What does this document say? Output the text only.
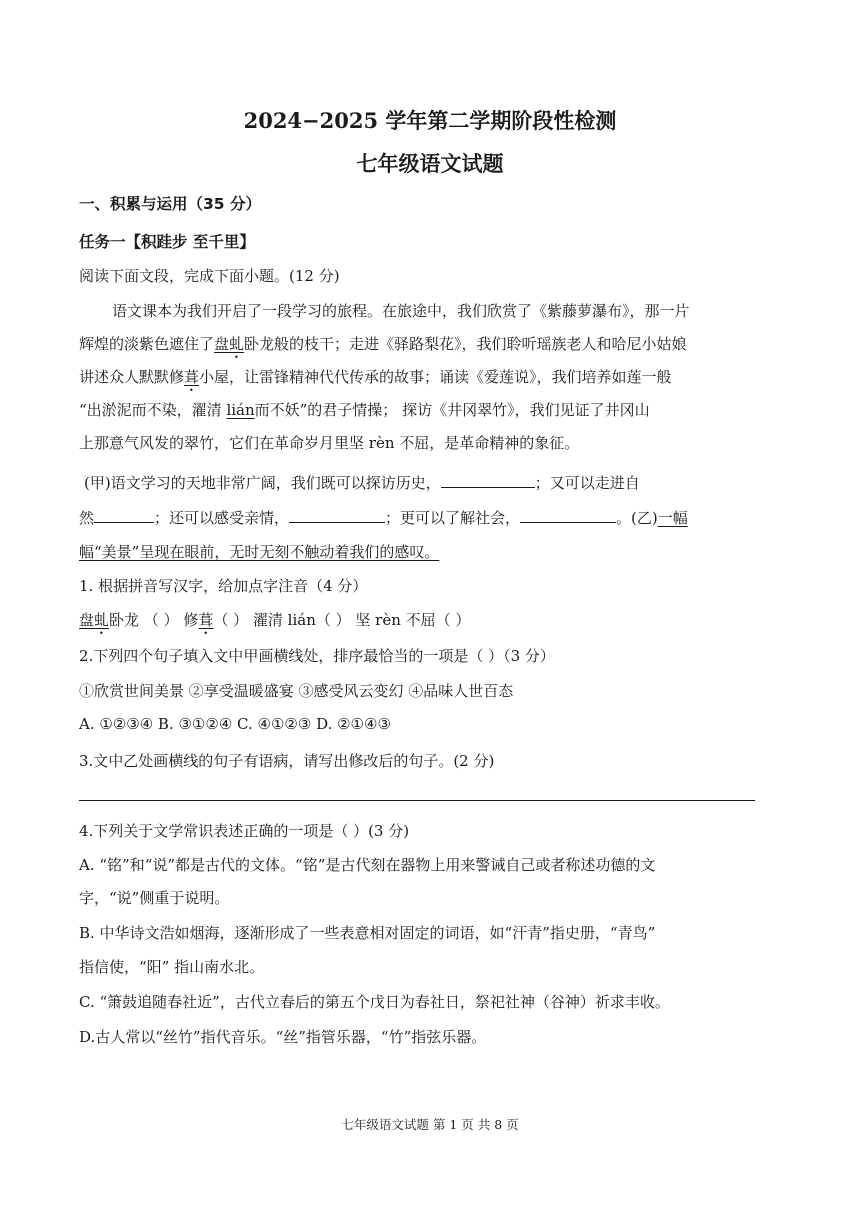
2024−2025 学年第二学期阶段性检测
七年级语文试题
一、积累与运用（35 分）
任务一【积跬步 至千里】
阅读下面文段，完成下面小题。(12 分)
语文课本为我们开启了一段学习的旅程。在旅途中，我们欣赏了《紫藤萝瀑布》，那一片
辉煌的淡紫色遮住了盘虬卧龙般的枝干；走进《驿路梨花》，我们聆听瑶族老人和哈尼小姑娘
讲述众人默默修葺小屋，让雷锋精神代代传承的故事；诵读《爱莲说》，我们培养如莲一般
“出淤泥而不染，濯清 lián而不妖”的君子情操； 探访《井冈翠竹》，我们见证了井冈山
上那意气风发的翠竹，它们在革命岁月里坚 rèn 不屈，是革命精神的象征。
(甲)语文学习的天地非常广阔，我们既可以探访历史，	；又可以走进自
然	；还可以感受亲情，	；更可以了解社会，	。(乙)一幅
幅“美景”呈现在眼前，无时无刻不触动着我们的感叹。
1. 根据拼音写汉字，给加点字注音（4 分）
盘虬卧龙 （ ） 修葺（ ） 濯清 lián（ ） 坚 rèn 不屈（ ）
2.下列四个句子填入文中甲画横线处，排序最恰当的一项是（ ）（3 分）
①欣赏世间美景 ②享受温暖盛宴 ③感受风云变幻 ④品味人世百态
A. ①②③④ B. ③①②④ C. ④①②③ D. ②①④③
3.文中乙处画横线的句子有语病，请写出修改后的句子。(2 分)
4.下列关于文学常识表述正确的一项是（ ）(3 分)
A. “铭”和“说”都是古代的文体。“铭”是古代刻在器物上用来警诫自己或者称述功德的文
字，“说”侧重于说明。
B. 中华诗文浩如烟海，逐渐形成了一些表意相对固定的词语，如“汗青”指史册，“青鸟”
指信使，“阳” 指山南水北。
C. “箫鼓追随春社近”，古代立春后的第五个戊日为春社日，祭祀社神（谷神）祈求丰收。
D.古人常以“丝竹”指代音乐。“丝”指管乐器，“竹”指弦乐器。
七年级语文试题 第 1 页 共 8 页
